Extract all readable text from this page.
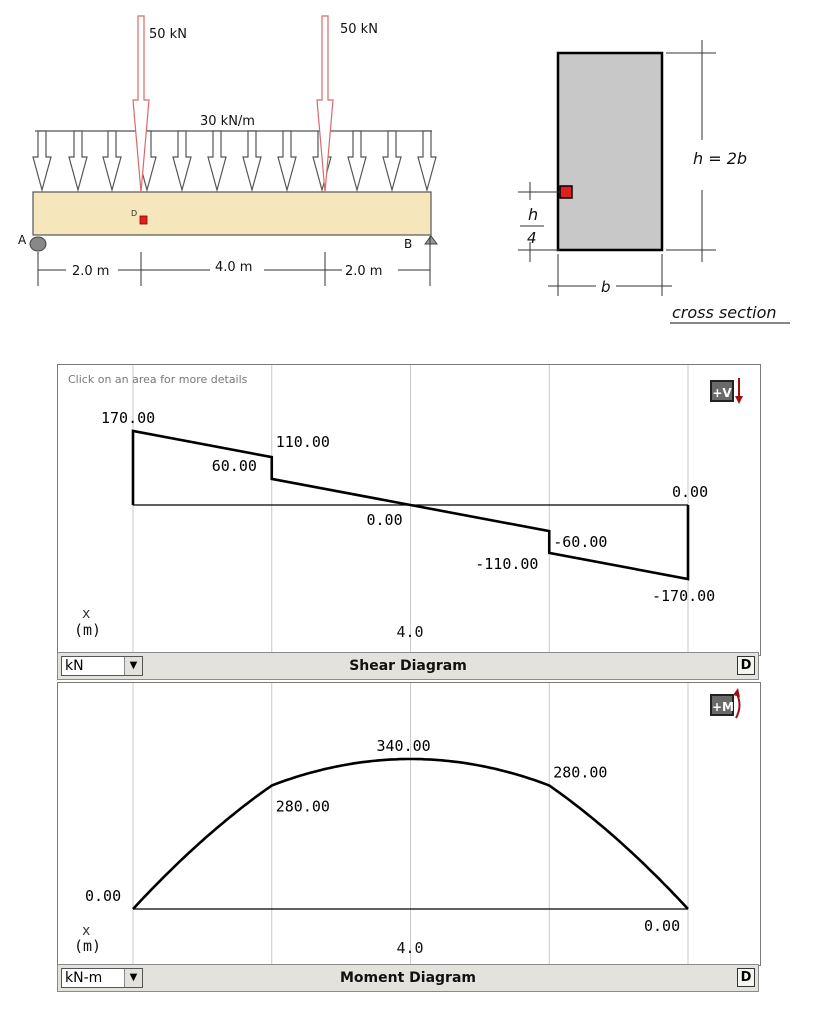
D
50 kN	50 kN
30 kN/m
A	B
2.0 m	4.0 m	2.0 m
h = 2b
h
4
b
cross section
170.00
110.00
60.00
0.00
-60.00
-110.00
-170.00
0.00
x
(m)	4.0
Click on an area for more details
+V
kN	▼	Shear Diagram	D
0.00
280.00
340.00
280.00
0.00
x
(m)	4.0
+M
kN-m	▼	Moment Diagram	D
